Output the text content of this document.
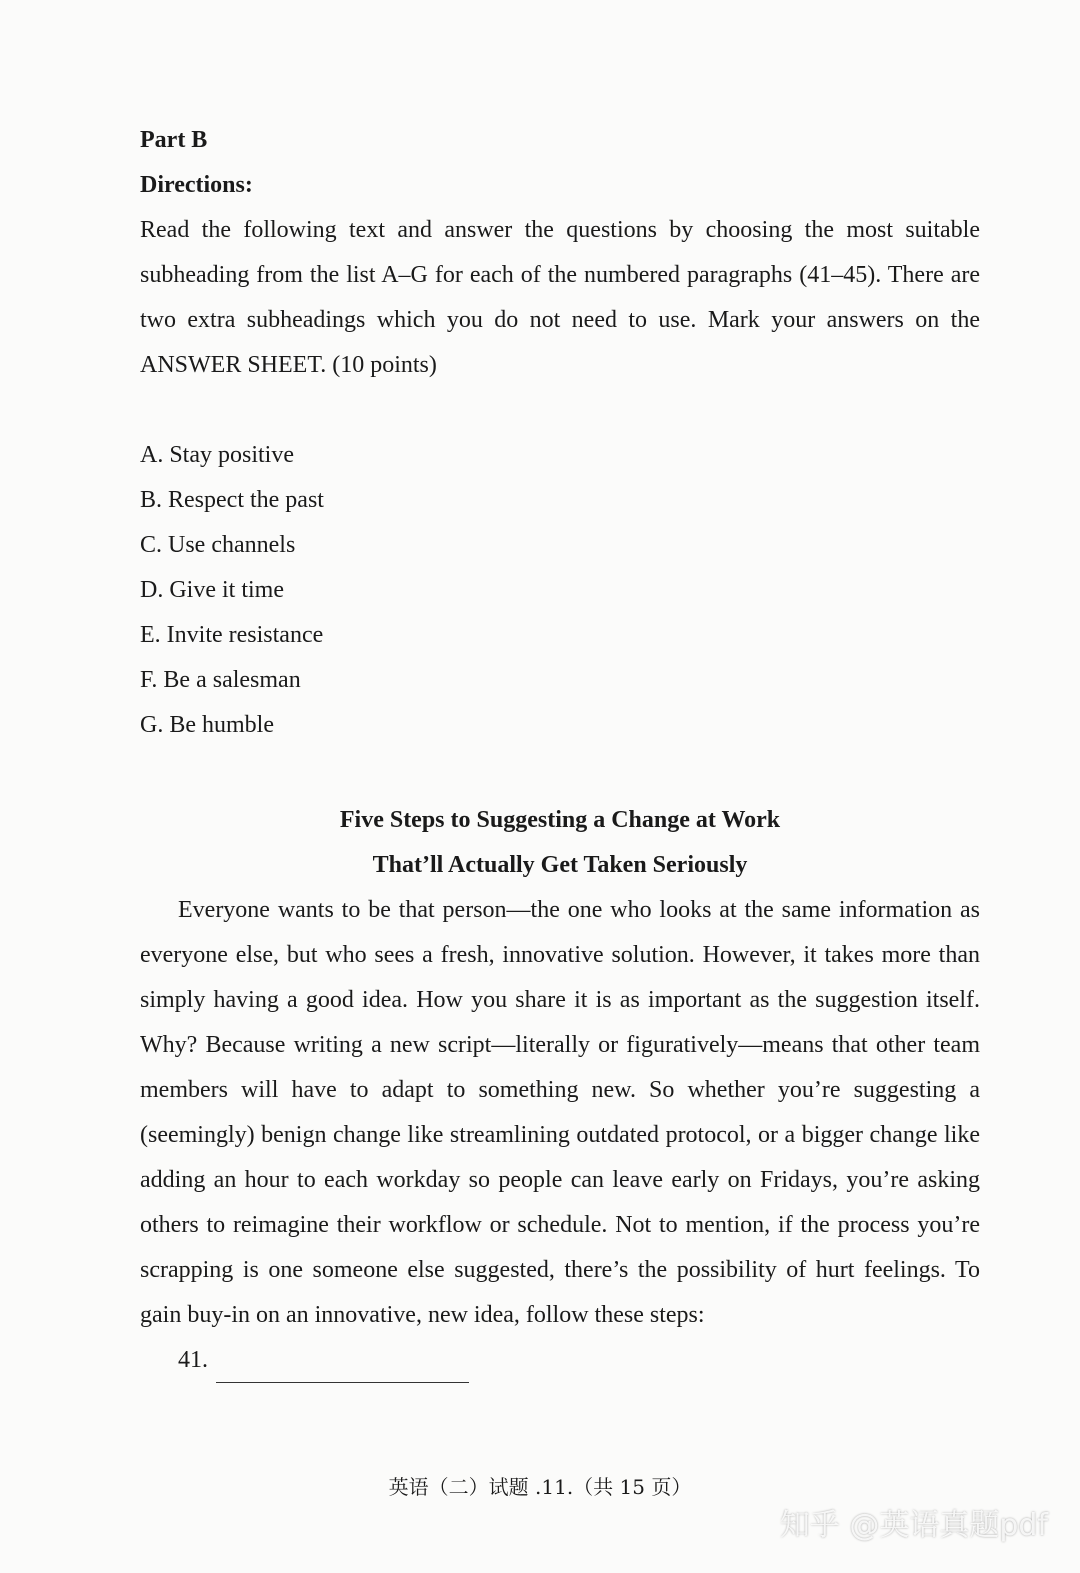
Part B

Directions:

Read the following text and answer the questions by choosing the most suitable subheading from the list A–G for each of the numbered paragraphs (41–45). There are two extra subheadings which you do not need to use. Mark your answers on the ANSWER SHEET. (10 points)

A. Stay positive
B. Respect the past
C. Use channels
D. Give it time
E. Invite resistance
F. Be a salesman
G. Be humble
Five Steps to Suggesting a Change at Work
That’ll Actually Get Taken Seriously

Everyone wants to be that person—the one who looks at the same information as everyone else, but who sees a fresh, innovative solution. However, it takes more than simply having a good idea. How you share it is as important as the suggestion itself. Why? Because writing a new script—literally or figuratively—means that other team members will have to adapt to something new. So whether you’re suggesting a (seemingly) benign change like streamlining outdated protocol, or a bigger change like adding an hour to each workday so people can leave early on Fridays, you’re asking others to reimagine their workflow or schedule. Not to mention, if the process you’re scrapping is one someone else suggested, there’s the possibility of hurt feelings. To gain buy-in on an innovative, new idea, follow these steps:

41.
英语（二）试题 .11.（共 15 页）
知乎 @英语真题pdf
